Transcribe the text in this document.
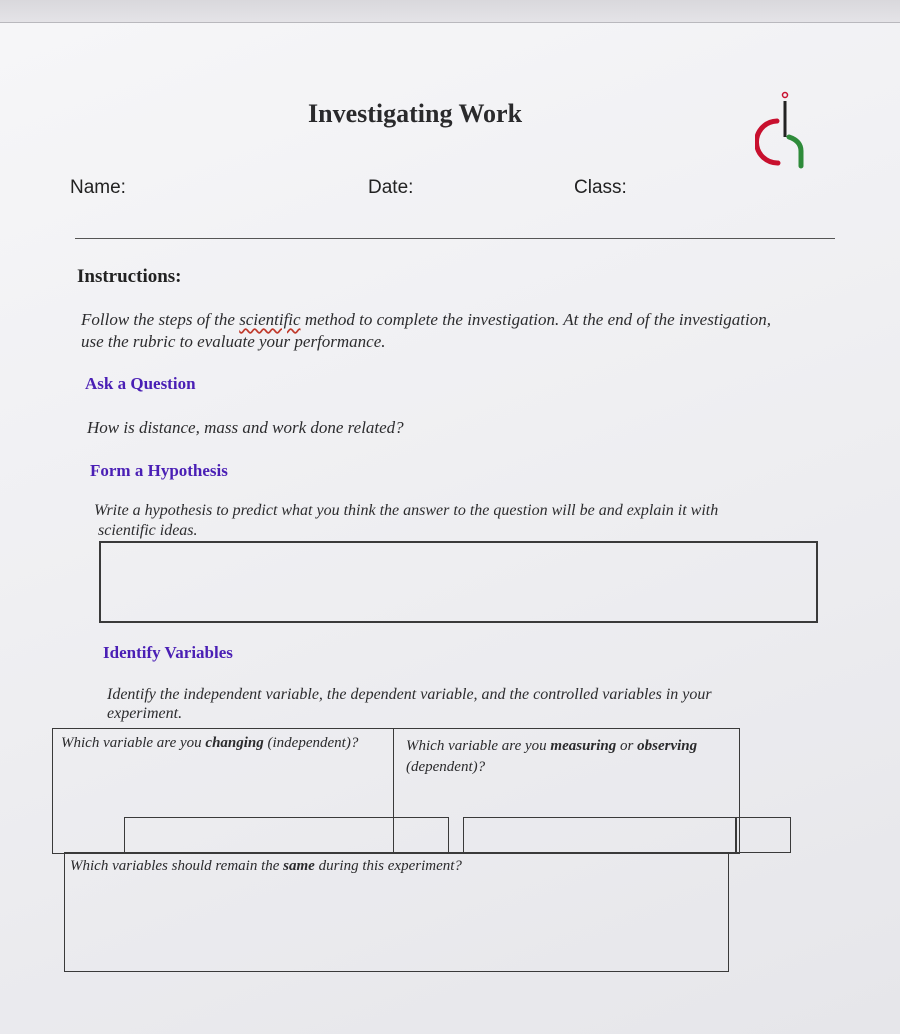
Investigating Work
Name:	Date:	Class:
Instructions:
Follow the steps of the scientific method to complete the investigation. At the end of the investigation,
use the rubric to evaluate your performance.
Ask a Question
How is distance, mass and work done related?
Form a Hypothesis
Write a hypothesis to predict what you think the answer to the question will be and explain it with
scientific ideas.
Identify Variables
Identify the independent variable, the dependent variable, and the controlled variables in your
experiment.
Which variable are you changing (independent)?	Which variable are you measuring or observing
(dependent)?
Which variables should remain the same during this experiment?
